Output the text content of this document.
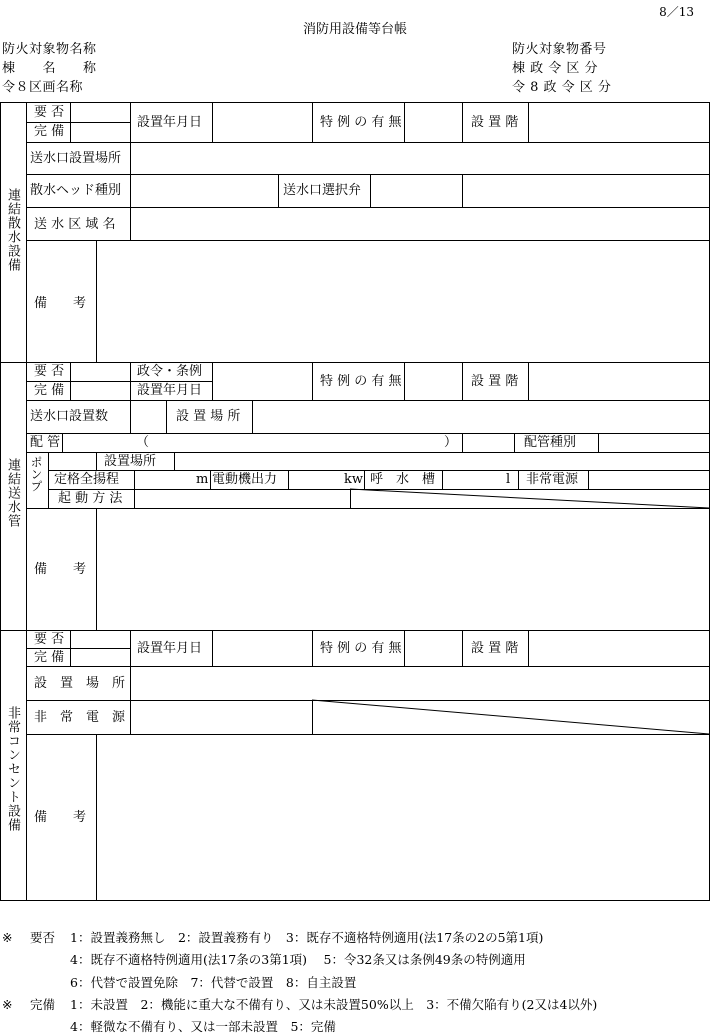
8／13
消防用設備等台帳
防火対象物名称
棟　　名　　称
令８区画名称
防火対象物番号
棟 政 令 区 分
令 8 政 令 区 分
連結散水設備
要 否
完 備
設置年月日	特 例 の 有 無	設 置 階
送水口設置場所
散水ヘッド種別	送水口選択弁
送 水 区 域 名
備　　考
連結送水管
要 否
完 備
政令・条例
設置年月日
特 例 の 有 無	設 置 階
送水口設置数	設 置 場 所
配 管	（	）	配管種別
ポンプ	設置場所
定格全揚程	m 電動機出力	kw 呼　水　槽	l 非常電源
起 動 方 法
備　　考
非常コンセント設備
要 否
完 備
設置年月日	特 例 の 有 無	設 置 階
設　置　場　所
非　常　電　源
備　　考
※ 要否 1：設置義務無し　2：設置義務有り　3：既存不適格特例適用(法17条の2の5第1項)
4：既存不適格特例適用(法17条の3第1項)　 5：令32条又は条例49条の特例適用
6：代替で設置免除　7：代替で設置　8：自主設置
※ 完備 1：未設置　2：機能に重大な不備有り、又は未設置50%以上　3：不備欠陥有り(2又は4以外)
4：軽微な不備有り、又は一部未設置　5：完備
